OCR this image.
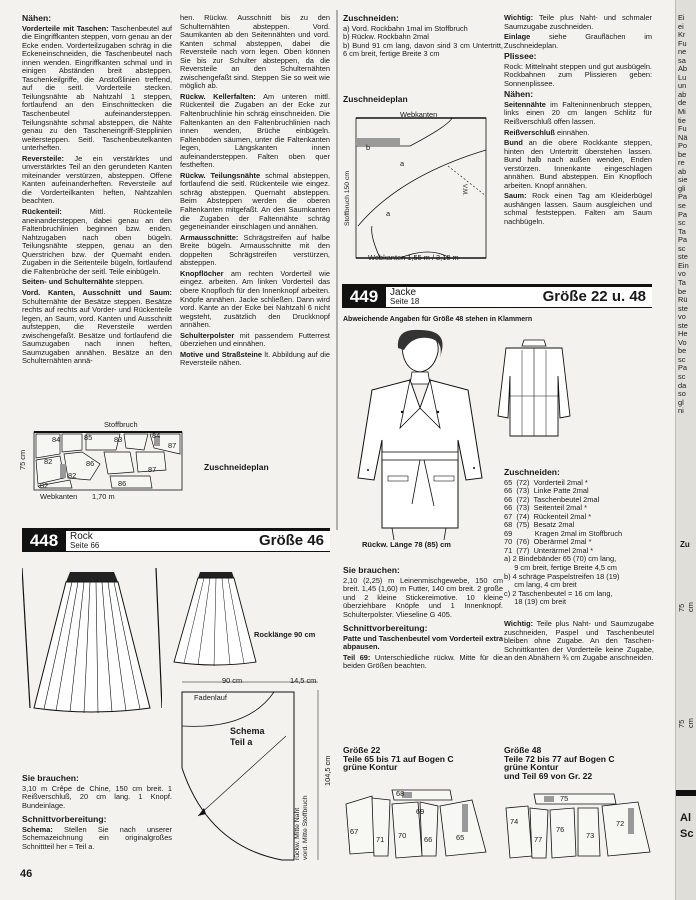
Nähen:

Vorderteile mit Taschen: Taschenbeutel auf die Eingriffkanten steppen, vorn genau an der Ecke enden. Vorderteilzugaben schräg in die Eckeneinschneiden, die Taschenbeutel nach innen wenden. Eingriffkanten schmal und in einigen Abständen breit absteppen. Taschenkeilgriffe, die Anstoßlinien treffend, auf die seitl. Vorderteile stecken. Teilungsnähte ab Nahtzahl 1 steppen, fortlaufend an den Einschnittecken die Taschenbeutel aufeinandersteppen. Teilungsnähte schmal absteppen, die Nähte genau zu den Tascheneingriff-Stepplinien weitersteppen. Seitl. Taschenbeutelkanten unterheften.

Reversteile: Je ein verstärktes und unverstärktes Teil an den gerundeten Kanten miteinander verstürzen, absteppen. Offene Kanten aufeinanderheften. Reversteile auf die Vorderteilkanten heften, Nahtzahlen beachten.

Rückenteil: Mittl. Rückenteile aneinandersteppen, dabei genau an den Faltenbruchlinien beginnen bzw. enden. Nahtzugaben nach oben bügeln. Teilungsnähte steppen, genau an den Querstrichen bzw. der Quernaht enden. Zugaben in die Seitenteile bügeln, fortlaufend die Faltenbrüche der seitl. Teile einbügeln.

Seiten- und Schulternähte steppen.

Vord. Kanten, Ausschnitt und Saum: Schulternähte der Besätze steppen. Besätze rechts auf rechts auf Vorder- und Rückenteile legen, an Saum, vord. Kanten und Ausschnitt aufsteppen, die Reversteile werden zwischengefaßt. Besätze und fortlaufend die Saumzugaben nach innen heften, Saumzugaben annähen. Besätze an den Schulternähten annä-

Stoffbruch
75 cm
Webkanten 1,70 m
84	85	83	84
87
82	86
82
87
82	86
Zuschneideplan

hen. Rückw. Ausschnitt bis zu den Schulternähten absteppen. Vord. Saumkanten ab den Seitennähten und vord. Kanten schmal absteppen, dabei die Reversteile nach vorn legen. Oben können Sie bis zur Schulter absteppen, da die Reversteile an den Schulternähten zwischengefaßt sind. Steppen Sie so weit wie möglich ab.

Rückw. Kellerfalten: Am unteren mittl. Rückenteil die Zugaben an der Ecke zur Faltenbruchlinie hin schräg einschneiden. Die Faltenkanten an den Faltenbruchlinien nach innen wenden, Brüche einbügeln. Faltenböden säumen, unter die Faltenkanten legen, Längskanten innen aufeinandersteppen. Falten oben quer festheften.

Rückw. Teilungsnähte schmal absteppen, fortlaufend die seitl. Rückenteile wie eingez. schräg absteppen. Quernaht absteppen. Beim Absteppen werden die oberen Faltenkanten mitgefaßt. An den Saumkanten die Zugaben der Faltennähte schräg gegeneinander einschlagen und annähen.

Armausschnitte: Schrägstreifen auf halbe Breite bügeln. Armausschnitte mit den doppelten Schrägstreifen verstürzen, absteppen.

Knopflöcher am rechten Vorderteil wie eingez. arbeiten. Am linken Vorderteil das obere Knopfloch für den Innenknopf arbeiten. Knöpfe annähen. Jacke schließen. Dann wird vord. Kante an der Ecke bei Nahtzahl 6 nicht wegsteht, zusätzlich den Druckknopf annähen.

Schulterpolster mit passendem Futterrest überziehen und einnähen.

Motive und Straßsteine lt. Abbildung auf die Reversteile nähen.

Zuschneiden:

a) Vord. Rockbahn 1mal im Stoffbruch
b) Rückw. Rockbahn 2mal
b) Bund 91 cm lang, davon sind 3 cm Untertritt, 6 cm breit, fertige Breite 3 cm
Zuschneideplan
Webkanten
Stoffbruch 150 cm
Webkanten 1,55 m / 3,10 m
a
a
b
V.M.

Wichtig: Teile plus Naht- und schmaler Saumzugabe zuschneiden.

Einlage siehe Grauflächen im Zuschneideplan.

Plissee:

Rock: Mittelnaht steppen und gut ausbügeln. Rockbahnen zum Plissieren geben: Sonnenplissee.

Nähen:

Seitennähte im Falteninnenbruch steppen, links einen 20 cm langen Schlitz für Reißverschluß offen lassen.

Reißverschluß einnähen.

Bund an die obere Rockkante steppen, hinten den Untertritt überstehen lassen. Bund halb nach außen wenden, Enden verstürzen. Innenkante eingeschlagen annähen. Bund absteppen. Ein Knopfloch arbeiten. Knopf annähen.

Saum: Rock einen Tag am Kleiderbügel aushängen lassen. Saum ausgleichen und schmal feststeppen. Falten am Saum nachbügeln.

448	Rock
Seite 66	Größe 46
Rocklänge 90 cm
90 cm	14,5 cm
104,5 cm
Fadenlauf
Schema
Teil a
rückw. Mitte Naht vord. Mitte Stoffbruch

Sie brauchen:

3,10 m Crêpe de Chine, 150 cm breit. 1 Reißverschluß, 20 cm lang. 1 Knopf. Bundeinlage.

Schnittvorbereitung:

Schema: Stellen Sie nach unserer Schemazeichnung ein originalgroßes Schnittteil her = Teil a.

449	Jacke
Seite 18	Größe 22 u. 48
Abweichende Angaben für Größe 48 stehen in Klammern
Rückw. Länge 78 (85) cm

Sie brauchen:

2,10 (2,25) m Leinenmischgewebe, 150 cm breit. 1,45 (1,60) m Futter, 140 cm breit. 2 große und 2 kleine Stickereimotive. 10 kleine überziehbare Knöpfe und 1 Innenknopf. Schulterpolster. Vlieseline G 405.

Schnittvorbereitung:

Patte und Taschenbeutel vom Vorderteil extra abpausen.

Teil 69: Unterschiedliche rückw. Mitte für die beiden Größen beachten.

Zuschneiden:

65  (72)  Vorderteil 2mal *
66  (73)  Linke Patte 2mal
66  (72)  Taschenbeutel 2mal
66  (73)  Seitenteil 2mal *
67  (74)  Rückenteil 2mal *
68  (75)  Besatz 2mal
69           Kragen 2mal im Stoffbruch
70  (76)  Oberärmel 2mal *
71  (77)  Unterärmel 2mal *
a) 2 Bindebänder 65 (70) cm lang,
9 cm breit, fertige Breite 4,5 cm
b) 4 schräge Paspelstreifen 18 (19)
cm lang, 4 cm breit
c) 2 Taschenbeutel = 16 cm lang,
18 (19) cm breit

Wichtig: Teile plus Naht- und Saumzugabe zuschneiden, Paspel und Taschenbeutel bleiben ohne Zugabe. An den Taschen-Schnittkanten der Vorderteile keine Zugabe, an den Abnähern ¾ cm Zugabe anschneiden.

Größe 22

Teile 65 bis 71 auf Bogen C

grüne Kontur

68
69
67
71 70 66	65

Größe 48

Teile 72 bis 77 auf Bogen C

grüne Kontur

und Teil 69 von Gr. 22

75
74
77
76
73
72
Ei
ei
Kr
Fu
ne
sa
Ab
Lu
un
ab
de
Mi
tie
Fu
Nä
Po
be
re
ab
sie
gli
Pa
se
Pa
sc
Ta
Pa
sc
ste
Ein
vo
Ta
be
Rü
ste
vo
ste
He
Vo
be
sc
Pa
sc
da
so
gl
ni
Zu
75 cm
75 cm
Al
Sc
46
